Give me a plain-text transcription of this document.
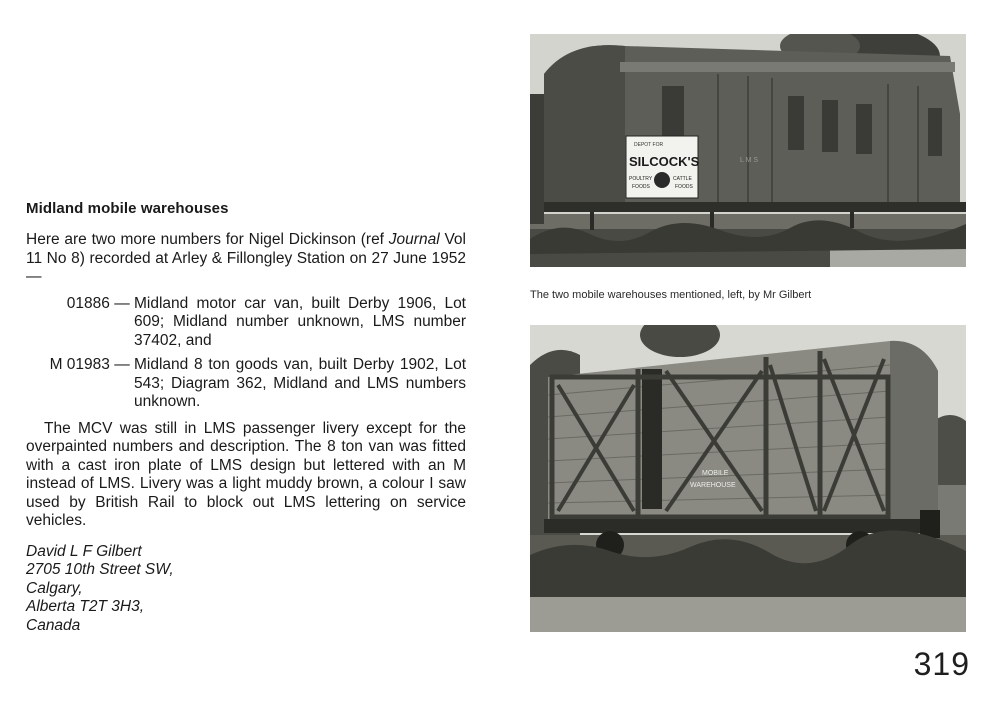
Midland mobile warehouses

Here are two more numbers for Nigel Dickinson (ref Journal Vol 11 No 8) recorded at Arley & Fillongley Station on 27 June 1952 —

01886 — Midland motor car van, built Derby 1906, Lot 609; Midland number unknown, LMS number 37402, and
M 01983 — Midland 8 ton goods van, built Derby 1902, Lot 543; Diagram 362, Midland and LMS numbers unknown.

The MCV was still in LMS passenger livery except for the overpainted numbers and description. The 8 ton van was fitted with a cast iron plate of LMS design but lettered with an M instead of LMS. Livery was a light muddy brown, a colour I saw used by British Rail to block out LMS lettering on service vehicles.

David L F Gilbert
2705 10th Street SW,
Calgary,
Alberta T2T 3H3,
Canada
L M S
DEPOT FOR
SILCOCK'S
POULTRY
FOODS
CATTLE
FOODS
The two mobile warehouses mentioned, left, by Mr Gilbert
MOBILE
WAREHOUSE
319
